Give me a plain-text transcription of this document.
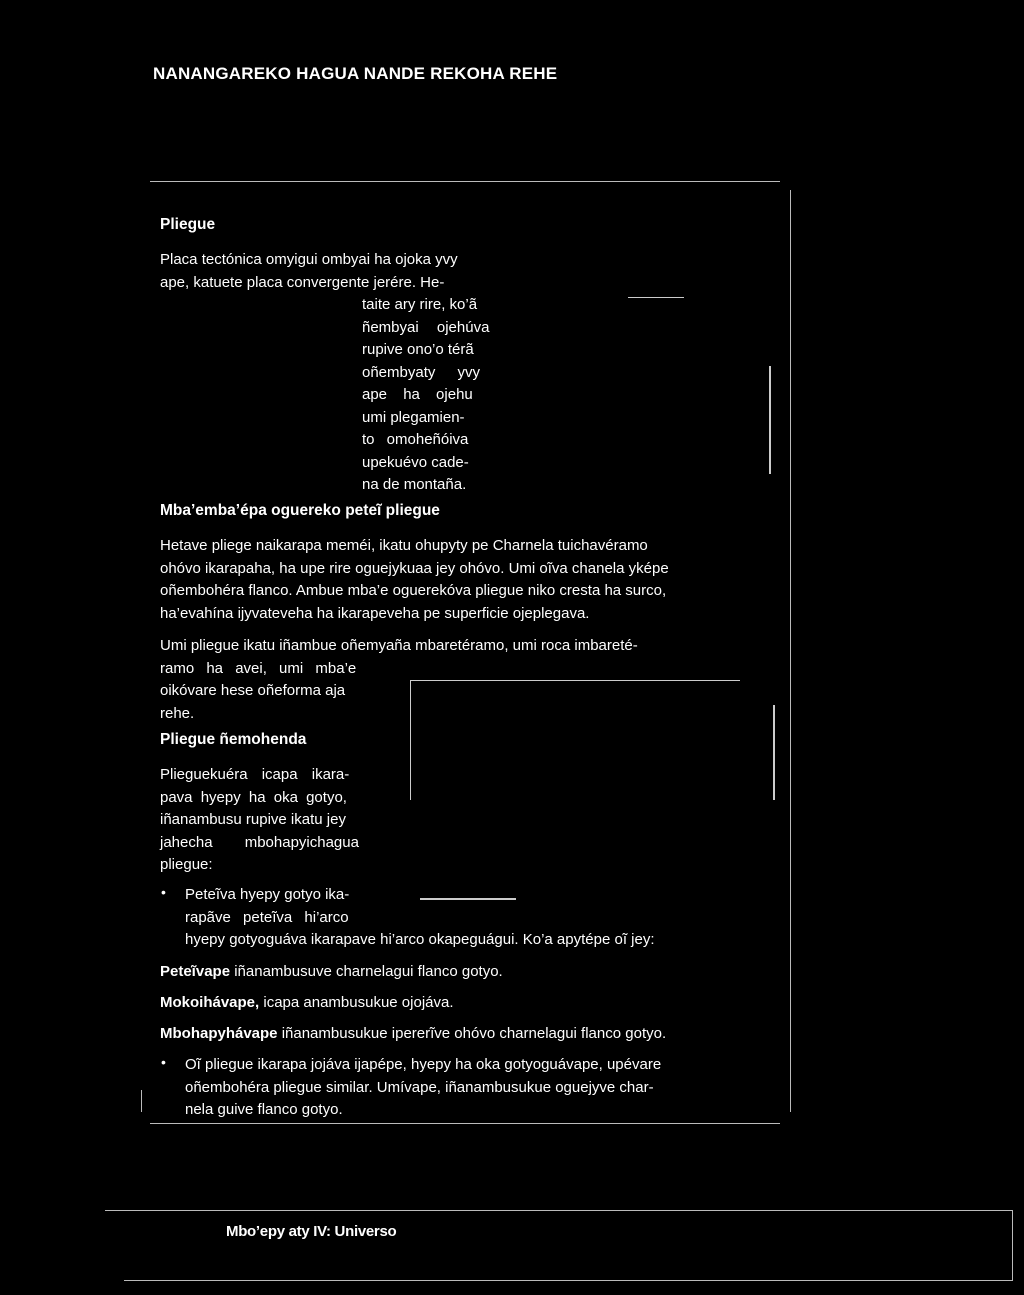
NANANGAREKO HAGUA NANDE REKOHA REHE
Pliegue
Placa tectónica omyigui ombyai ha ojoka yvy
ape, katuete placa convergente jerére. He-
taite ary rire, ko’ã
ñembyai ojehúva
rupive ono’o térã
oñembyaty yvy
ape ha ojehu
umi plegamien-
to omoheñóiva
upekuévo cade-
na de montaña.
Mba’emba’épa oguereko peteĩ pliegue
Hetave pliege naikarapa meméi, ikatu ohupyty pe Charnela tuichavéramo
ohóvo ikarapaha, ha upe rire oguejykuaa jey ohóvo. Umi oĩva chanela yképe
oñembohéra flanco. Ambue mba’e oguerekóva pliegue niko cresta ha surco,
ha’evahína ijyvateveha ha ikarapeveha pe superficie ojeplegava.
Umi pliegue ikatu iñambue oñemyaña mbaretéramo, umi roca imbareté-
ramo ha avei, umi mba’e
oikóvare hese oñeforma aja
rehe.
Pliegue ñemohenda
Plieguekuéra icapa ikara-
pava hyepy ha oka gotyo,
iñanambusu rupive ikatu jey
jahecha mbohapyichagua
pliegue:
• Peteĩva hyepy gotyo ika-
rapãve peteĩva hi’arco
hyepy gotyoguáva ikarapave hi’arco okapeguágui. Ko’a apytépe oĩ jey:
Peteĩvape iñanambusuve charnelagui flanco gotyo.
Mokoihávape, icapa anambusukue ojojáva.
Mbohapyhávape iñanambusukue ipererĩve ohóvo charnelagui flanco gotyo.
• Oĩ pliegue ikarapa jojáva ijapépe, hyepy ha oka gotyoguávape, upévare
oñembohéra pliegue similar. Umívape, iñanambusukue oguejyve char-
nela guive flanco gotyo.
Mbo’epy aty IV: Universo
